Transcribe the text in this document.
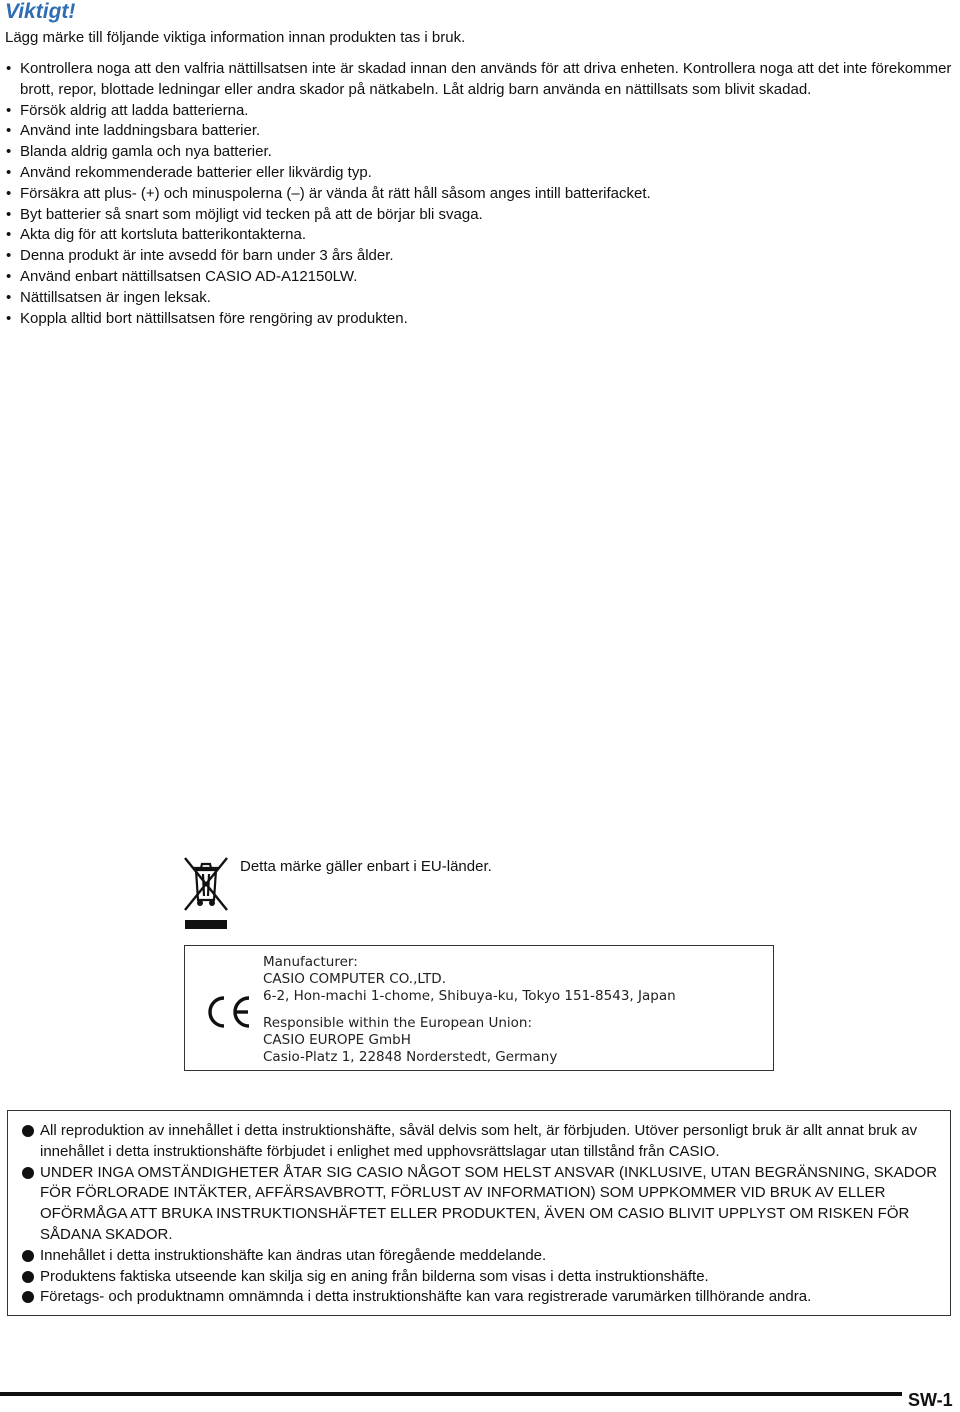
Viktigt!
Lägg märke till följande viktiga information innan produkten tas i bruk.
• Kontrollera noga att den valfria nättillsatsen inte är skadad innan den används för att driva enheten. Kontrollera noga att det inte förekommer brott, repor, blottade ledningar eller andra skador på nätkabeln. Låt aldrig barn använda en nättillsats som blivit skadad.
• Försök aldrig att ladda batterierna.
• Använd inte laddningsbara batterier.
• Blanda aldrig gamla och nya batterier.
• Använd rekommenderade batterier eller likvärdig typ.
• Försäkra att plus- (+) och minuspolerna (–) är vända åt rätt håll såsom anges intill batterifacket.
• Byt batterier så snart som möjligt vid tecken på att de börjar bli svaga.
• Akta dig för att kortsluta batterikontakterna.
• Denna produkt är inte avsedd för barn under 3 års ålder.
• Använd enbart nättillsatsen CASIO AD-A12150LW.
• Nättillsatsen är ingen leksak.
• Koppla alltid bort nättillsatsen före rengöring av produkten.
Detta märke gäller enbart i EU-länder.
Manufacturer:
CASIO COMPUTER CO.,LTD.
6-2, Hon-machi 1-chome, Shibuya-ku, Tokyo 151-8543, Japan
Responsible within the European Union:
CASIO EUROPE GmbH
Casio-Platz 1, 22848 Norderstedt, Germany
All reproduktion av innehållet i detta instruktionshäfte, såväl delvis som helt, är förbjuden. Utöver personligt bruk är allt annat bruk av innehållet i detta instruktionshäfte förbjudet i enlighet med upphovsrättslagar utan tillstånd från CASIO.
UNDER INGA OMSTÄNDIGHETER ÅTAR SIG CASIO NÅGOT SOM HELST ANSVAR (INKLUSIVE, UTAN BEGRÄNSNING, SKADOR FÖR FÖRLORADE INTÄKTER, AFFÄRSAVBROTT, FÖRLUST AV INFORMATION) SOM UPPKOMMER VID BRUK AV ELLER OFÖRMÅGA ATT BRUKA INSTRUKTIONSHÄFTET ELLER PRODUKTEN, ÄVEN OM CASIO BLIVIT UPPLYST OM RISKEN FÖR SÅDANA SKADOR.
Innehållet i detta instruktionshäfte kan ändras utan föregående meddelande.
Produktens faktiska utseende kan skilja sig en aning från bilderna som visas i detta instruktionshäfte.
Företags- och produktnamn omnämnda i detta instruktionshäfte kan vara registrerade varumärken tillhörande andra.
SW-1
